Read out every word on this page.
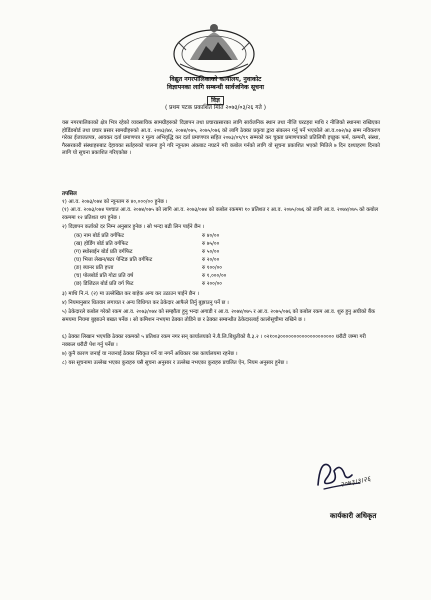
विद्युत नगरपालिकाको कार्यालय, नुवाकोट
विज्ञापनका लागि सम्बन्धी सार्वजनिक सूचना
विज्ञ
( प्रथम पटक प्रकाशित मिति २०७३/०३/२६ गते )
यस नगरपालिकाको क्षेत्र भित्र रहेको व्यवसायिक सामग्रीहरुको विज्ञापन तथा प्रचारप्रसारका लागि सार्वजनिक स्थान तथा नीजि घरटहरा माथि र नीजिको स्थानमा राखिएका होर्डिङबोर्ड तथा प्रचार प्रसार सामग्रीहरुको आ.व. २०७३/७४, २०७४/०७५, २०७५/०७६ को लागि ठेक्का प्रकृया द्वारा संकलन गर्नु पर्ने भएकोले आ.व.०७२/७३ सम्म नविकरण गरेका ईजाजतपत्र, आयकर दर्ता प्रमाणपत्र र मूल्य अभिवृद्धि कर दर्ता प्रमाणपत्र सहित २०७३/०९/१९ सम्मको कर चुक्ता प्रमाणपत्रको प्रतिलिपी इच्छुक फर्म, कम्पनी, संस्था, गैरसरकारी संस्थाहरुबाट देहायका सर्तहरुको पालना हुने गरि न्यूनतम अंकबाट नघटने गरी कबोल गर्नको लागि यो सूचना प्रकाशित भएको मितिले ७ दिन दश्याहरण दिनको लागि यो सूचना प्रकाशित गरिएकोछ ।
तपसिल
१) आ.व. २०७३/०७४ को न्यूनतम रु ४०,०००/०० हुनेछ ।
(१) आ.व. २०७३/०७४ पश्चात आ.व. २०७४/०७५ को लागि आ.व. २०७३/०७४ को कबोल रकममा १० प्रतिशत र आ.व. २०७५/०७६ को लागि आ.व. २०७४/०७५ को कबोल रकममा १२ प्रतिशत थप हुनेछ ।
२) विज्ञापन कर्ताको दर निम्न अनुसार हुनेछ । सो भन्दा बढी लिन पाईने छैन ।
(क) नाम बोर्ड प्रति वर्गफिट	रु ४०/००
(ख) होर्डिंग बोर्ड प्रति वर्गफिट	रु ७५/००
(ग) स्थोसाईन बोर्ड प्रति वर्गफिट	रु ५०/००
(घ) भित्ता लेखन/बटर पेन्टिङ प्रति वर्गफिट	रु २०/००
(ङ) ब्यानर प्रति हप्ता	रु १००/००
(च) पोलबोर्ड प्रति गोटा प्रति वर्ष	रु १,०००/००
(छ) डिजिटल बोर्ड प्रति वर्ग फिट	रु २००/००
३) माथि नि.नं. (२) मा उल्लेखित कर बाहेक अन्य कर उठाउन पाईने छैन ।
४) नियमानुसार धितवार लगायत र अन्य विधिगत कर ठेकेदार आफैले तिर्नु बुझाउनु पर्ने छ ।
५) ठेकेदारले कबोल गरेको रकम आ.व. २०७३/०७४ को सम्झौता हुनु भन्दा अगाडी र आ.व. २०७४/०७५ र आ.व. २०७५/०७६ को कबोल रकम आ.व. शुरु हुनु अघीको बैंक समयमा नियमा बुझाउने बखत पर्नेछ । सो कमिशन नभएमा ठेक्का तोडिने छ र ठेक्का सम्बन्धीत ठेकेदारलाई कालोसूचीमा राखिने छ ।
६) ठेक्का लिखान भएपछि ठेक्का रकमको ५ प्रतिशत रकम नगर सन् कार्यालयको ने.बै.लि.बिधुतीको बै.३.२ । ०२१००३०००००००००००००००००००० धरौटी जम्मा गरी नक्कल धरौटी पेश गर्नु पर्नेछ ।
७) कुनै कारण जनाई या नजनाई ठेक्का स्विकृत गर्ने या नगर्ने अधिकार यस कार्यालयमा रहनेछ ।
८) यस सूचनामा उल्लेख भएका कुराहरु यसै सूचना अनुसार र उल्लेख नभएका कुराहरु प्रचलित ऐन, नियम अनुसार हुनेछ ।
२०७३।३।२६
कार्यकारी अधिकृत
